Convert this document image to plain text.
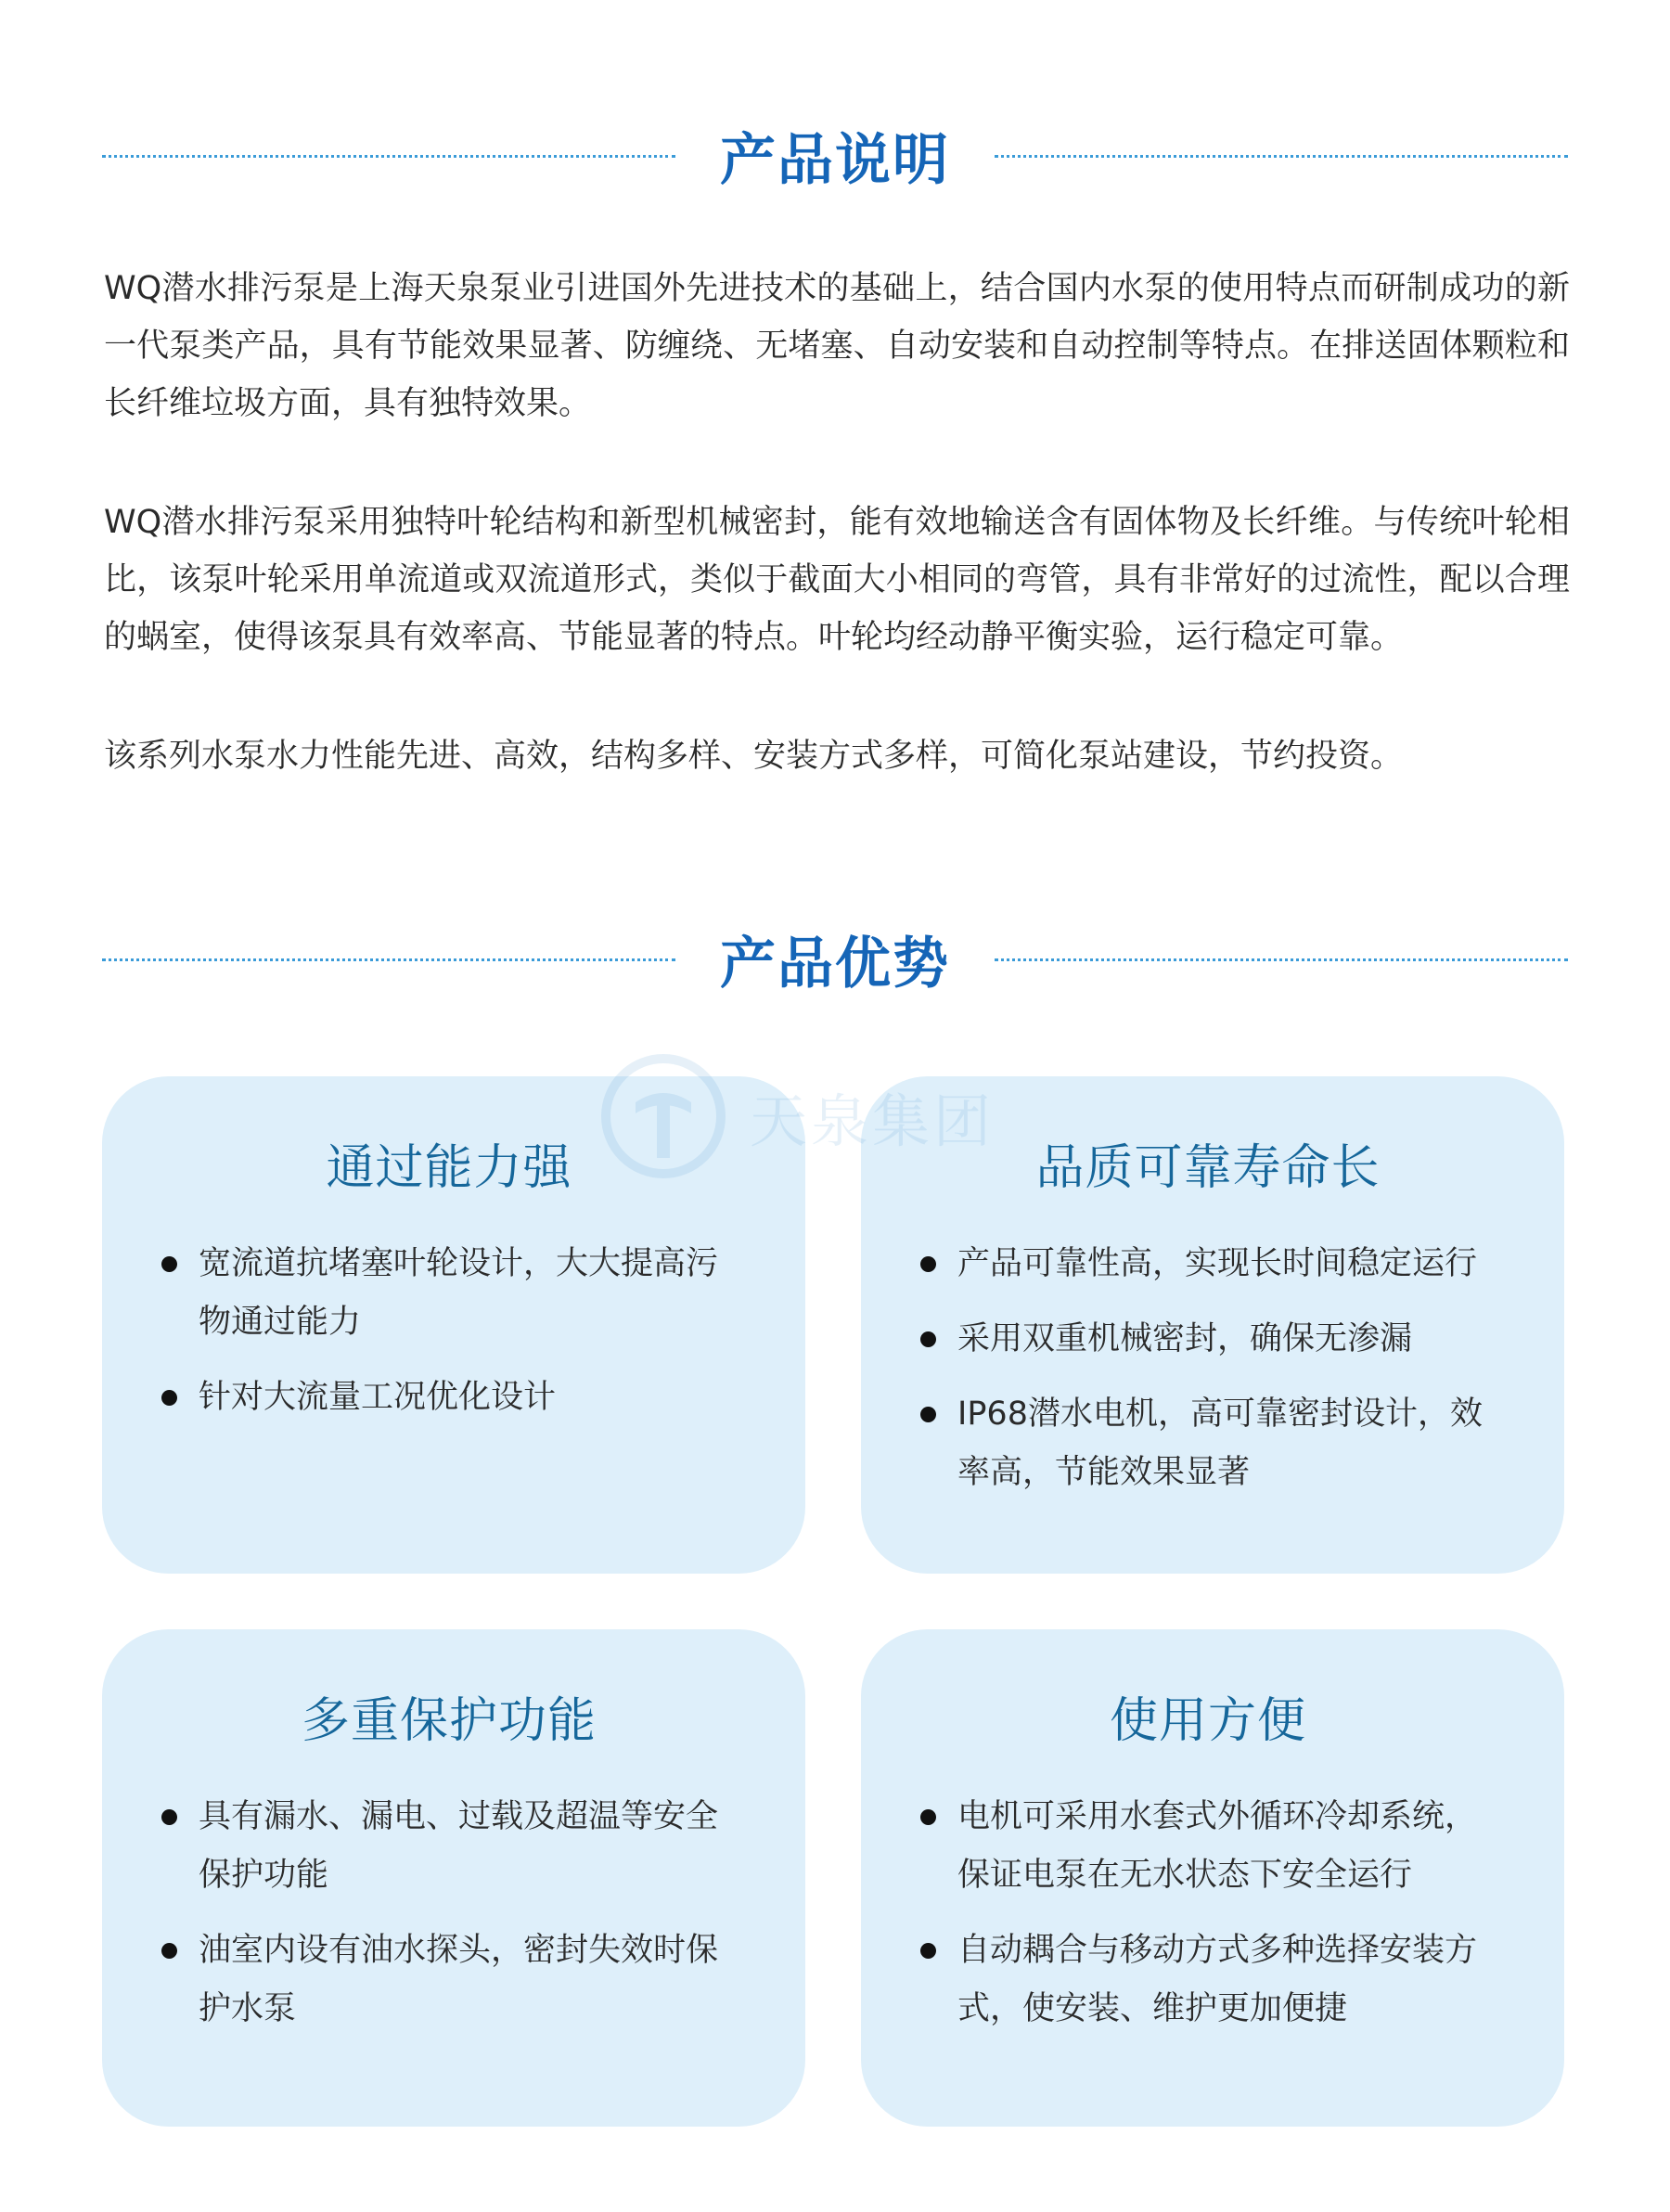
产品说明
WQ潜水排污泵是上海天泉泵业引进国外先进技术的基础上，结合国内水泵的使用特点而研制成功的新一代泵类产品，具有节能效果显著、防缠绕、无堵塞、自动安装和自动控制等特点。在排送固体颗粒和长纤维垃圾方面，具有独特效果。
WQ潜水排污泵采用独特叶轮结构和新型机械密封，能有效地输送含有固体物及长纤维。与传统叶轮相比，该泵叶轮采用单流道或双流道形式，类似于截面大小相同的弯管，具有非常好的过流性，配以合理的蜗室，使得该泵具有效率高、节能显著的特点。叶轮均经动静平衡实验，运行稳定可靠。
该系列水泵水力性能先进、高效，结构多样、安装方式多样，可简化泵站建设，节约投资。
产品优势
通过能力强
宽流道抗堵塞叶轮设计，大大提高污物通过能力
针对大流量工况优化设计
品质可靠寿命长
产品可靠性高，实现长时间稳定运行
采用双重机械密封，确保无渗漏
IP68潜水电机，高可靠密封设计，效率高，节能效果显著
多重保护功能
具有漏水、漏电、过载及超温等安全保护功能
油室内设有油水探头，密封失效时保护水泵
使用方便
电机可采用水套式外循环冷却系统，保证电泵在无水状态下安全运行
自动耦合与移动方式多种选择安装方式，使安装、维护更加便捷
天泉集团
